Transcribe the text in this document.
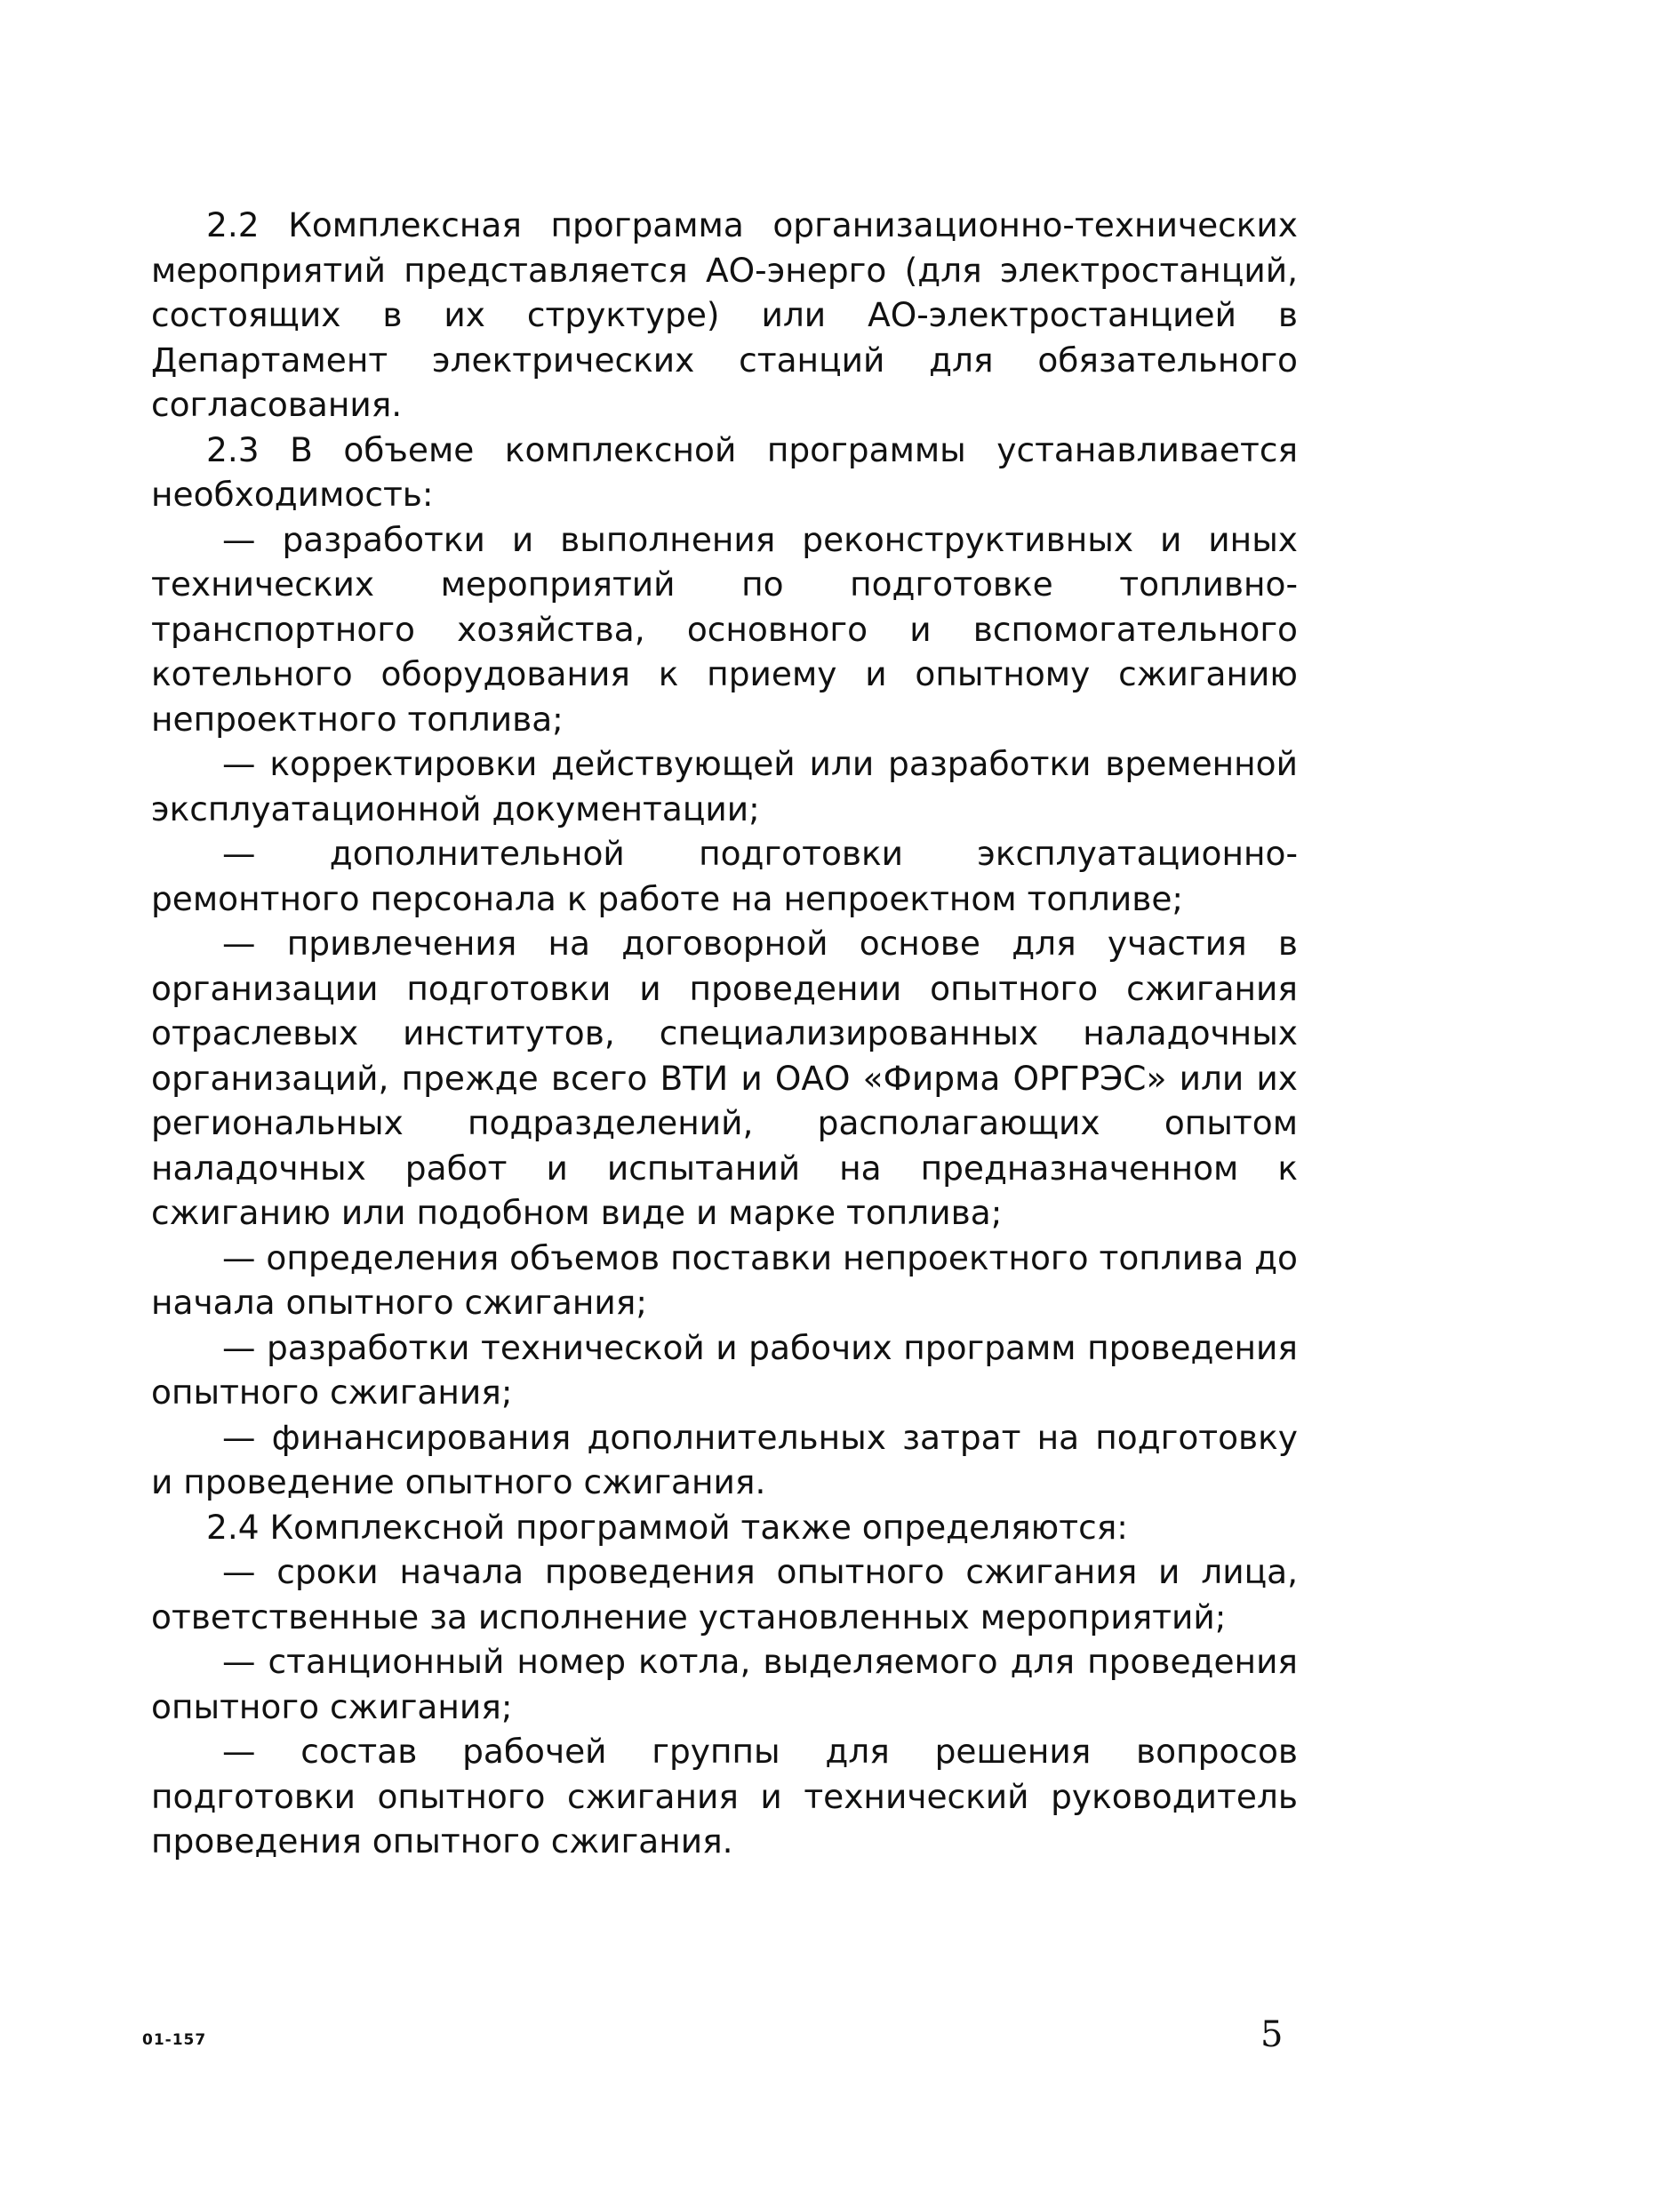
2.2 Комплексная программа организационно-технических мероприятий представляется АО-энерго (для электростанций, состоящих в их структуре) или АО-электростанцией в Департамент электрических станций для обязательного согласования.

2.3 В объеме комплексной программы устанавливается необходимость:

— разработки и выполнения реконструктивных и иных технических мероприятий по подготовке топливно-транспортного хозяйства, основного и вспомогательного котельного оборудования к приему и опытному сжиганию непроектного топлива;

— корректировки действующей или разработки временной эксплуатационной документации;

— дополнительной подготовки эксплуатационно-ремонтного персонала к работе на непроектном топливе;

— привлечения на договорной основе для участия в организации подготовки и проведении опытного сжигания отраслевых институтов, специализированных наладочных организаций, прежде всего ВТИ и ОАО «Фирма ОРГРЭС» или их региональных подразделений, располагающих опытом наладочных работ и испытаний на предназначенном к сжиганию или подобном виде и марке топлива;

— определения объемов поставки непроектного топлива до начала опытного сжигания;

— разработки технической и рабочих программ проведения опытного сжигания;

— финансирования дополнительных затрат на подготовку и проведение опытного сжигания.

2.4 Комплексной программой также определяются:

— сроки начала проведения опытного сжигания и лица, ответственные за исполнение установленных мероприятий;

— станционный номер котла, выделяемого для проведения опытного сжигания;

— состав рабочей группы для решения вопросов подготовки опытного сжигания и технический руководитель проведения опытного сжигания.

01-157	5
